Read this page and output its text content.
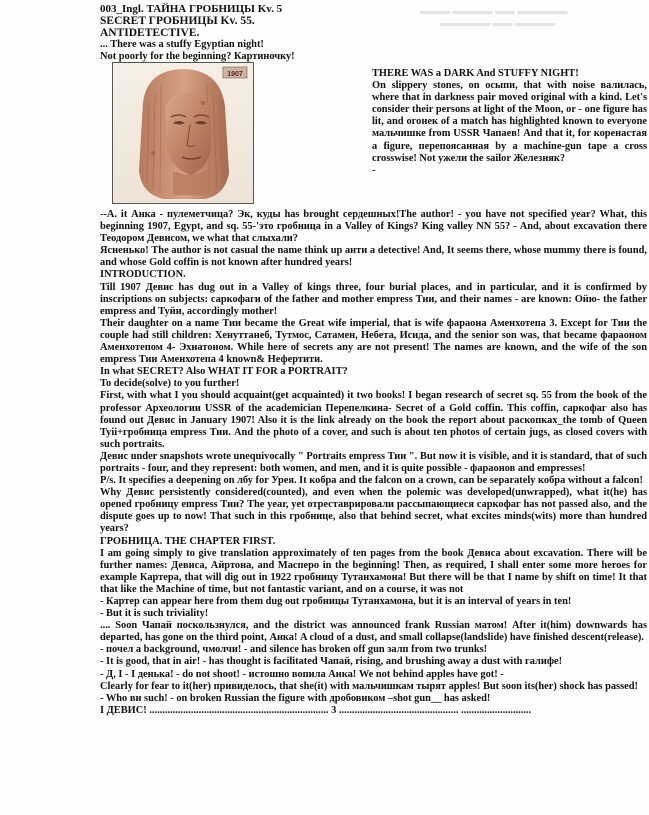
▬▬▬ ▬▬▬▬ ▬▬ ▬▬▬▬▬
▬▬▬▬▬ ▬▬ ▬▬▬▬
003_Ingl. ТАЙНА ГРОБНИЦЫ Kv. 5
SECRET ГРОБНИЦЫ Kv. 55.
ANTIDETECTIVE.
... There was a stuffy Egyptian night!
Not poorly for the beginning? Картиночку!
1907	THERE WAS a DARK And STUFFY NIGHT!

On slippery stones, on осыпи, that with noise валилась, where that in darkness pair moved original with a kind. Let's consider their persons at light of the Moon, or - one figure has lit, and огонек of a match has highlighted known to everyone мальчишке from USSR Чапаев! And that it, for коренастая a figure, перепоясанная by a machine-gun tape a cross crosswise! Not ужели the sailor Железняк?

-

--A. it Анка - пулеметчица? Эк, куды has brought сердешных!The author! - you have not specified year? What, this beginning 1907, Egypt, and sq. 55-'это гробница in a Valley of Kings? King valley NN 55? - And, about excavation there Теодором Девисом, we what that слыхали?

Ясненько! The author is not casual the name think up анти a detective! And, It seems there, whose mummy there is found, and whose Gold coffin is not known after hundred years!

INTRODUCTION.

Till 1907 Девис has dug out in a Valley of kings three, four burial places, and in particular, and it is confirmed by inscriptions on subjects: саркофаги of the father and mother empress Тии, and their names - are known: Ойю- the father empress and Туйи, accordingly mother!

Their daughter on a name Тии became the Great wife imperial, that is wife фараона Аменхотепа 3. Except for Тии the couple had still children: Хенуттанеб, Тутмос, Сатамен, Небета, Исида, and the senior son was, that became фараоном Аменхотепом 4- Эхнатоном. While here of secrets any are not present! The names are known, and the wife of the son empress Тии Аменхотепа 4 known& Нефертити.

In what SECRET? Also WHAT IT FOR a PORTRAIT?

To decide(solve) to you further!

First, with what I you should acquaint(get acquainted) it two books! I began research of secret sq. 55 from the book of the professor Археологии USSR of the academician Перепелкина- Secret of a Gold coffin. This coffin, саркофаг also has found out Девис in January 1907! Also it is the link already on the book the report about раскопках_the tomb of Queen Tyii+гробница empress Тии. And the photo of a cover, and such is about ten photos of certain jugs, as closed covers with such portraits.

Девис under snapshots wrote unequivocally " Portraits empress Тии ". But now it is visible, and it is standard, that of such portraits - four, and they represent: both women, and men, and it is quite possible - фараонов and empresses!

P/s. It specifies a deepening on лбу for Урея. It кобра and the falcon on a crown, can be separately кобра without a falcon!

Why Девис persistently considered(counted), and even when the polemic was developed(unwrapped), what it(he) has opened гробницу empress Тии? The year, yet отреставрировали рассыпающиеся саркофаг has not passed also, and the dispute goes up to now! That such in this гробнице, also that behind secret, what excites minds(wits) more than hundred years?

ГРОБНИЦА. THE CHAPTER FIRST.

I am going simply to give translation approximately of ten pages from the book Девиса about excavation. There will be further names: Девиса, Айртона, and Масперо in the beginning! Then, as required, I shall enter some more heroes for example Картера, that will dig out in 1922 гробницу Тутанхамона! But there will be that I name by shift on time! It that that like the Machine of time, but not fantastic variant, and on a course, it was not

- Картер can appear here from them dug out гробницы Тутанхамона, but it is an interval of years in ten!

- But it is such triviality!

.... Soon Чапай поскользнулся, and the district was announced frank Russian матом! After it(him) downwards has departed, has gone on the third point, Анка! A cloud of a dust, and small collapse(landslide) have finished descent(release).

- почел a background, чмолчи! - and silence has broken off gun залп from two trunks!

- It is good, that in air! - has thought is facilitated Чапай, rising, and brushing away a dust with галифе!

- Д, I - I денька! - do not shoot! - истошно вопила Анка! We not behind apples have got! -

Clearly for fear to it(her) привиделось, that she(it) with мальчишкам тырят apples! But soon its(her) shock has passed!

- Who ви such! - on broken Russian the figure with дробовиком –shot gun__ has asked!

I ДЕВИС! ..................................................................... 3 .............................................. ...........................
